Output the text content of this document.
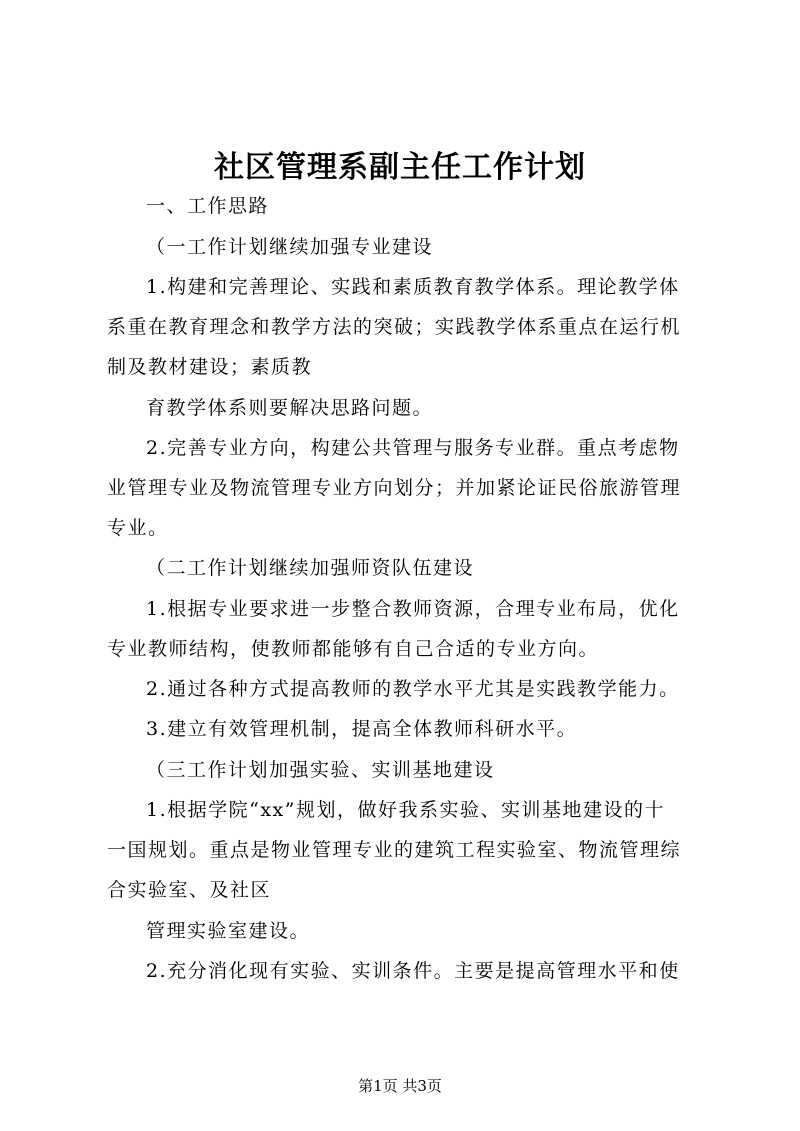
社区管理系副主任工作计划

一、工作思路

（一工作计划继续加强专业建设

1.构建和完善理论、实践和素质教育教学体系。理论教学体

系重在教育理念和教学方法的突破；实践教学体系重点在运行机

制及教材建设；素质教

育教学体系则要解决思路问题。

2.完善专业方向，构建公共管理与服务专业群。重点考虑物

业管理专业及物流管理专业方向划分；并加紧论证民俗旅游管理

专业。

（二工作计划继续加强师资队伍建设

1.根据专业要求进一步整合教师资源，合理专业布局，优化

专业教师结构，使教师都能够有自己合适的专业方向。

2.通过各种方式提高教师的教学水平尤其是实践教学能力。

3.建立有效管理机制，提高全体教师科研水平。

（三工作计划加强实验、实训基地建设

1.根据学院“xx”规划，做好我系实验、实训基地建设的十

一国规划。重点是物业管理专业的建筑工程实验室、物流管理综

合实验室、及社区

管理实验室建设。

2.充分消化现有实验、实训条件。主要是提高管理水平和使

第1页 共3页
